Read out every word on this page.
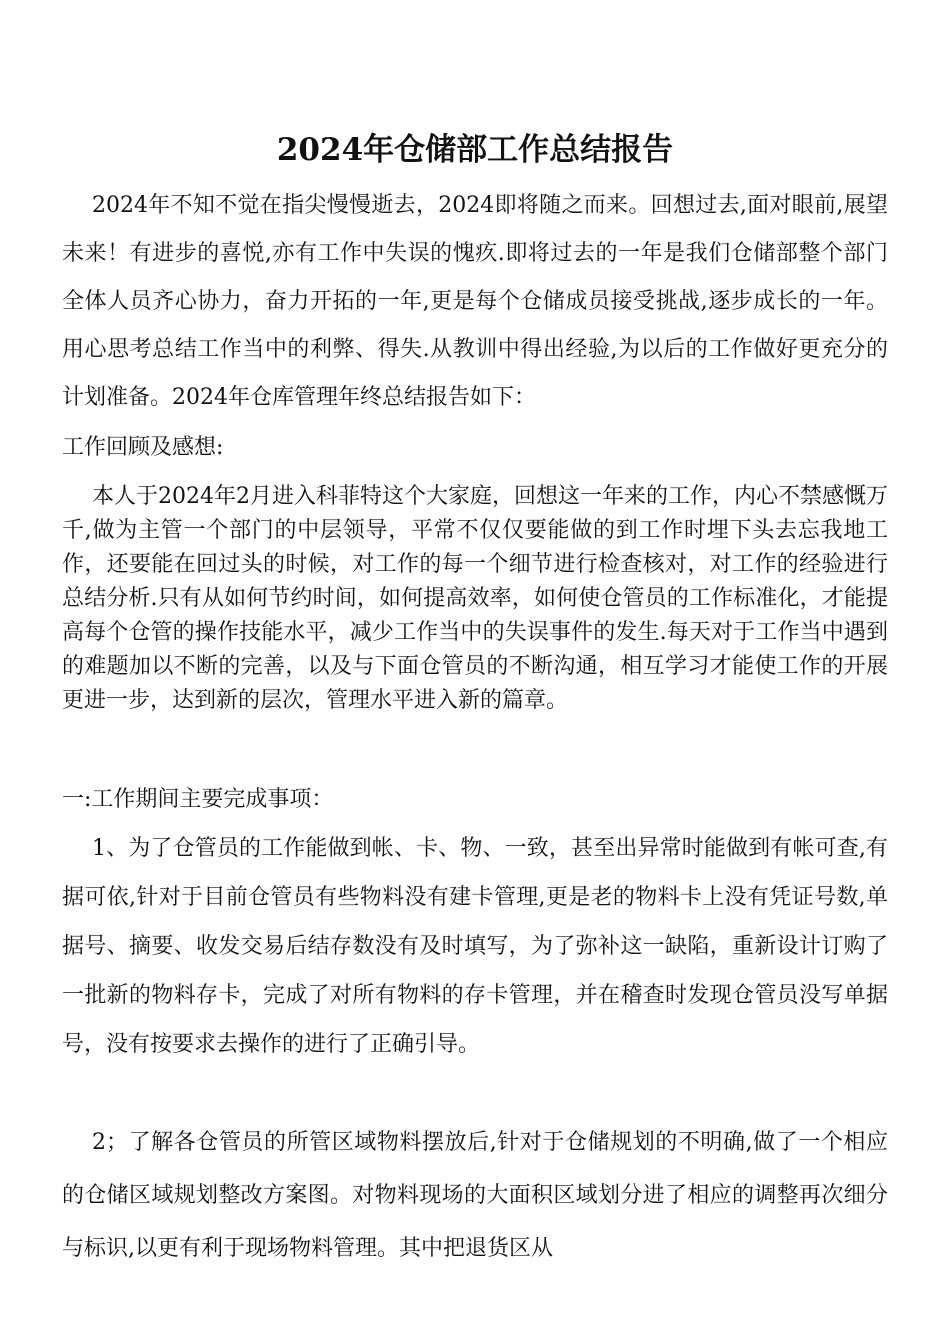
2024年仓储部工作总结报告

2024年不知不觉在指尖慢慢逝去，2024即将随之而来。回想过去,面对眼前,展望未来！有进步的喜悦,亦有工作中失误的愧疚.即将过去的一年是我们仓储部整个部门全体人员齐心协力，奋力开拓的一年,更是每个仓储成员接受挑战,逐步成长的一年。用心思考总结工作当中的利弊、得失.从教训中得出经验,为以后的工作做好更充分的计划准备。2024年仓库管理年终总结报告如下：

工作回顾及感想:

本人于2024年2月进入科菲特这个大家庭，回想这一年来的工作，内心不禁感慨万千,做为主管一个部门的中层领导，平常不仅仅要能做的到工作时埋下头去忘我地工作，还要能在回过头的时候，对工作的每一个细节进行检查核对，对工作的经验进行总结分析.只有从如何节约时间，如何提高效率，如何使仓管员的工作标准化，才能提高每个仓管的操作技能水平，减少工作当中的失误事件的发生.每天对于工作当中遇到的难题加以不断的完善，以及与下面仓管员的不断沟通，相互学习才能使工作的开展更进一步，达到新的层次，管理水平进入新的篇章。

一:工作期间主要完成事项：

1、为了仓管员的工作能做到帐、卡、物、一致，甚至出异常时能做到有帐可查,有据可依,针对于目前仓管员有些物料没有建卡管理,更是老的物料卡上没有凭证号数,单据号、摘要、收发交易后结存数没有及时填写，为了弥补这一缺陷，重新设计订购了一批新的物料存卡，完成了对所有物料的存卡管理，并在稽查时发现仓管员没写单据号，没有按要求去操作的进行了正确引导。

2；了解各仓管员的所管区域物料摆放后,针对于仓储规划的不明确,做了一个相应的仓储区域规划整改方案图。对物料现场的大面积区域划分进了相应的调整再次细分与标识,以更有利于现场物料管理。其中把退货区从
